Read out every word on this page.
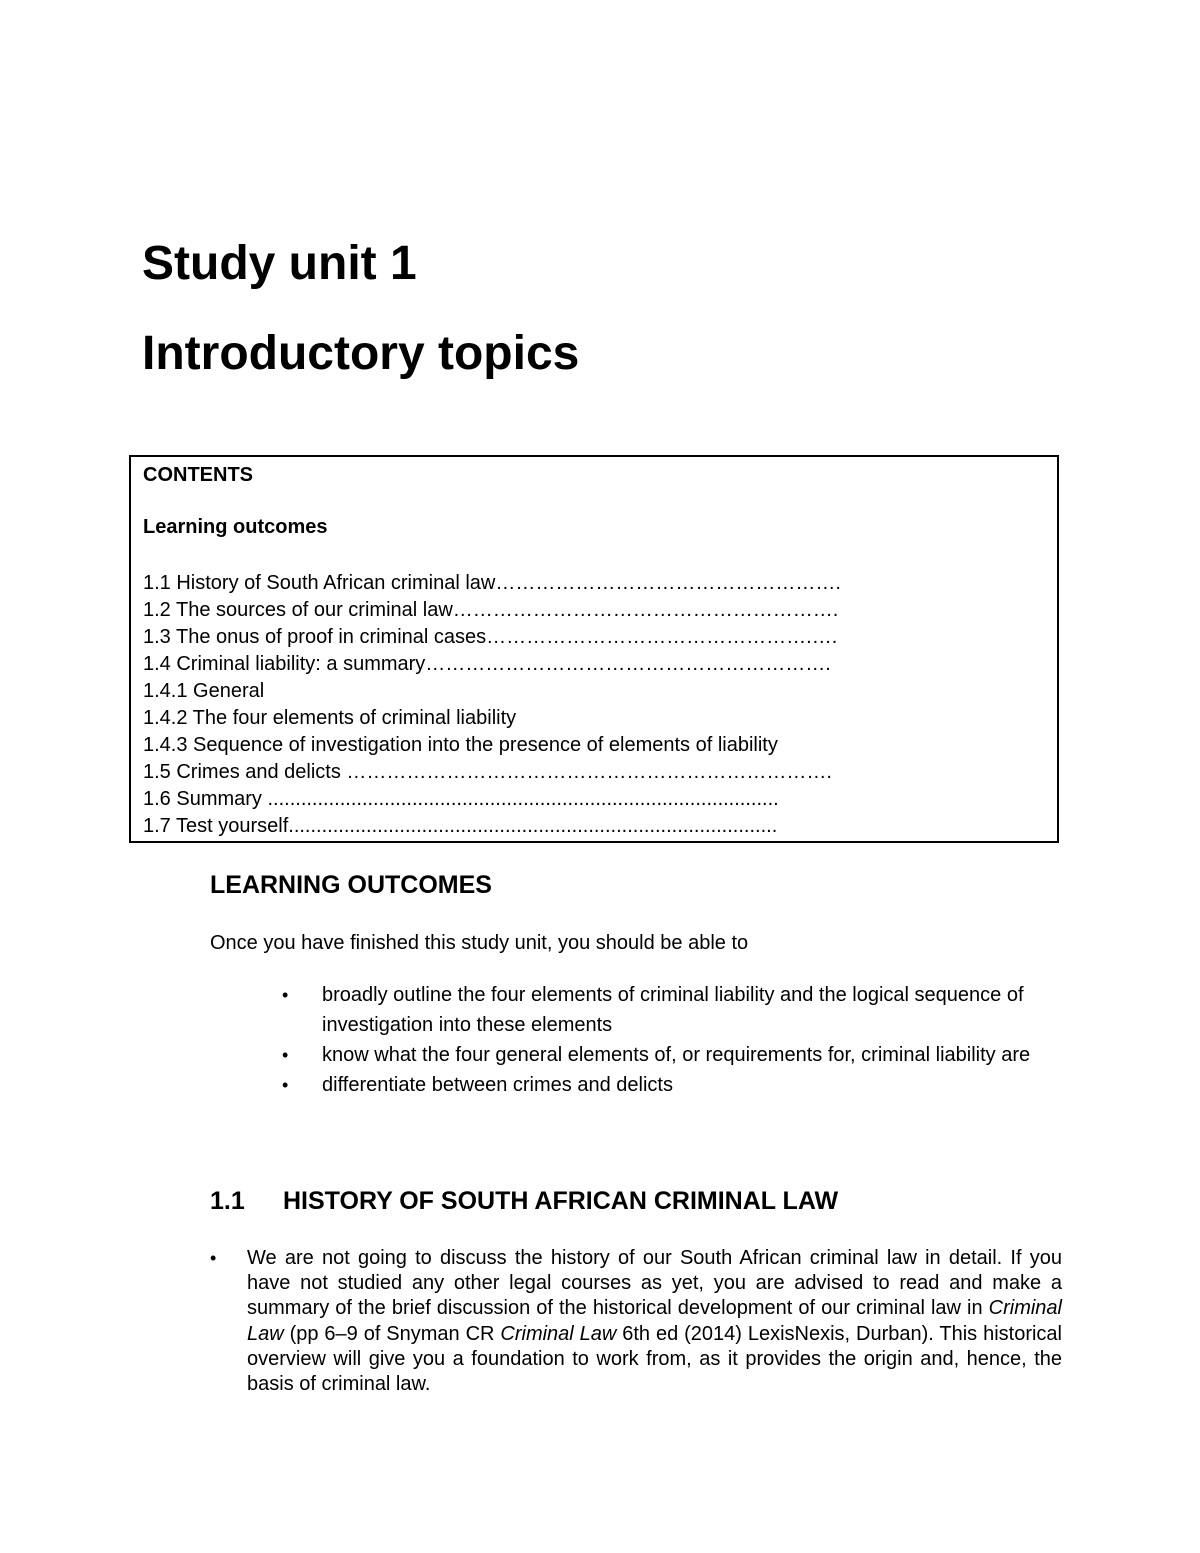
Study unit 1
Introductory topics

CONTENTS

Learning outcomes

1.1 History of South African criminal law…………………………………………….
1.2 The sources of our criminal law………………………………………………….
1.3 The onus of proof in criminal cases………………………………………….….
1.4 Criminal liability: a summary…………………………………………………….
1.4.1 General
1.4.2 The four elements of criminal liability
1.4.3 Sequence of investigation into the presence of elements of liability
1.5 Crimes and delicts ……………………………………………………………….
1.6 Summary ............................................................................................
1.7 Test yourself........................................................................................
LEARNING OUTCOMES

Once you have finished this study unit, you should be able to

•	broadly outline the four elements of criminal liability and the logical sequence of investigation into these elements
•	know what the four general elements of, or requirements for, criminal liability are
•	differentiate between crimes and delicts
1.1 HISTORY OF SOUTH AFRICAN CRIMINAL LAW
•	We are not going to discuss the history of our South African criminal law in detail. If you have not studied any other legal courses as yet, you are advised to read and make a summary of the brief discussion of the historical development of our criminal law in Criminal Law (pp 6–9 of Snyman CR Criminal Law 6th ed (2014) LexisNexis, Durban). This historical overview will give you a foundation to work from, as it provides the origin and, hence, the basis of criminal law.
